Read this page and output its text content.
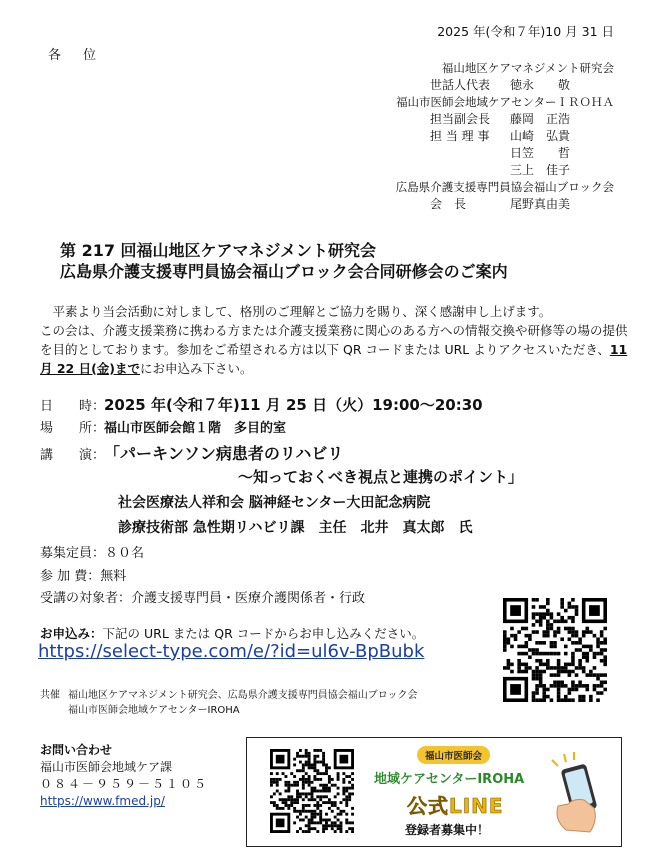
2025 年(令和７年)10 月 31 日
各位
福山地区ケアマネジメント研究会
世話人代表	徳永　　敬
福山市医師会地域ケアセンターＩＲＯＨＡ
担当副会長	藤岡　正浩
担 当 理 事	山崎　弘貴
日笠　　哲
三上　佳子
広島県介護支援専門員協会福山ブロック会
会　長	尾野真由美
第 217 回福山地区ケアマネジメント研究会
広島県介護支援専門員協会福山ブロック会合同研修会のご案内

平素より当会活動に対しまして、格別のご理解とご協力を賜り、深く感謝申し上げます。

この会は、介護支援業務に携わる方または介護支援業務に関心のある方への情報交換や研修等の場の提供を目的としております。参加をご希望される方は以下 QR コードまたは URL よりアクセスいただき、11 月 22 日(金)までにお申込み下さい。

日　　時：2025 年(令和７年)11 月 25 日（火）19:00～20:30
場　　所：福山市医師会館１階　多目的室
講　　演：「パーキンソン病患者のリハビリ
～知っておくべき視点と連携のポイント」
社会医療法人祥和会 脳神経センター大田記念病院
診療技術部 急性期リハビリ課　主任　北井　真太郎　氏
募集定員：８０名
参 加 費：無料
受講の対象者：介護支援専門員・医療介護関係者・行政
お申込み：下記の URL または QR コードからお申し込みください。
https://select-type.com/e/?id=ul6v-BpBubk
共催 福山地区ケアマネジメント研究会、広島県介護支援専門員協会福山ブロック会
福山市医師会地域ケアセンターIROHA
お問い合わせ
福山市医師会地域ケア課
０８４－９５９－５１０５
https://www.fmed.jp/
福山市医師会
地域ケアセンターIROHA
公式LINE
登録者募集中！
